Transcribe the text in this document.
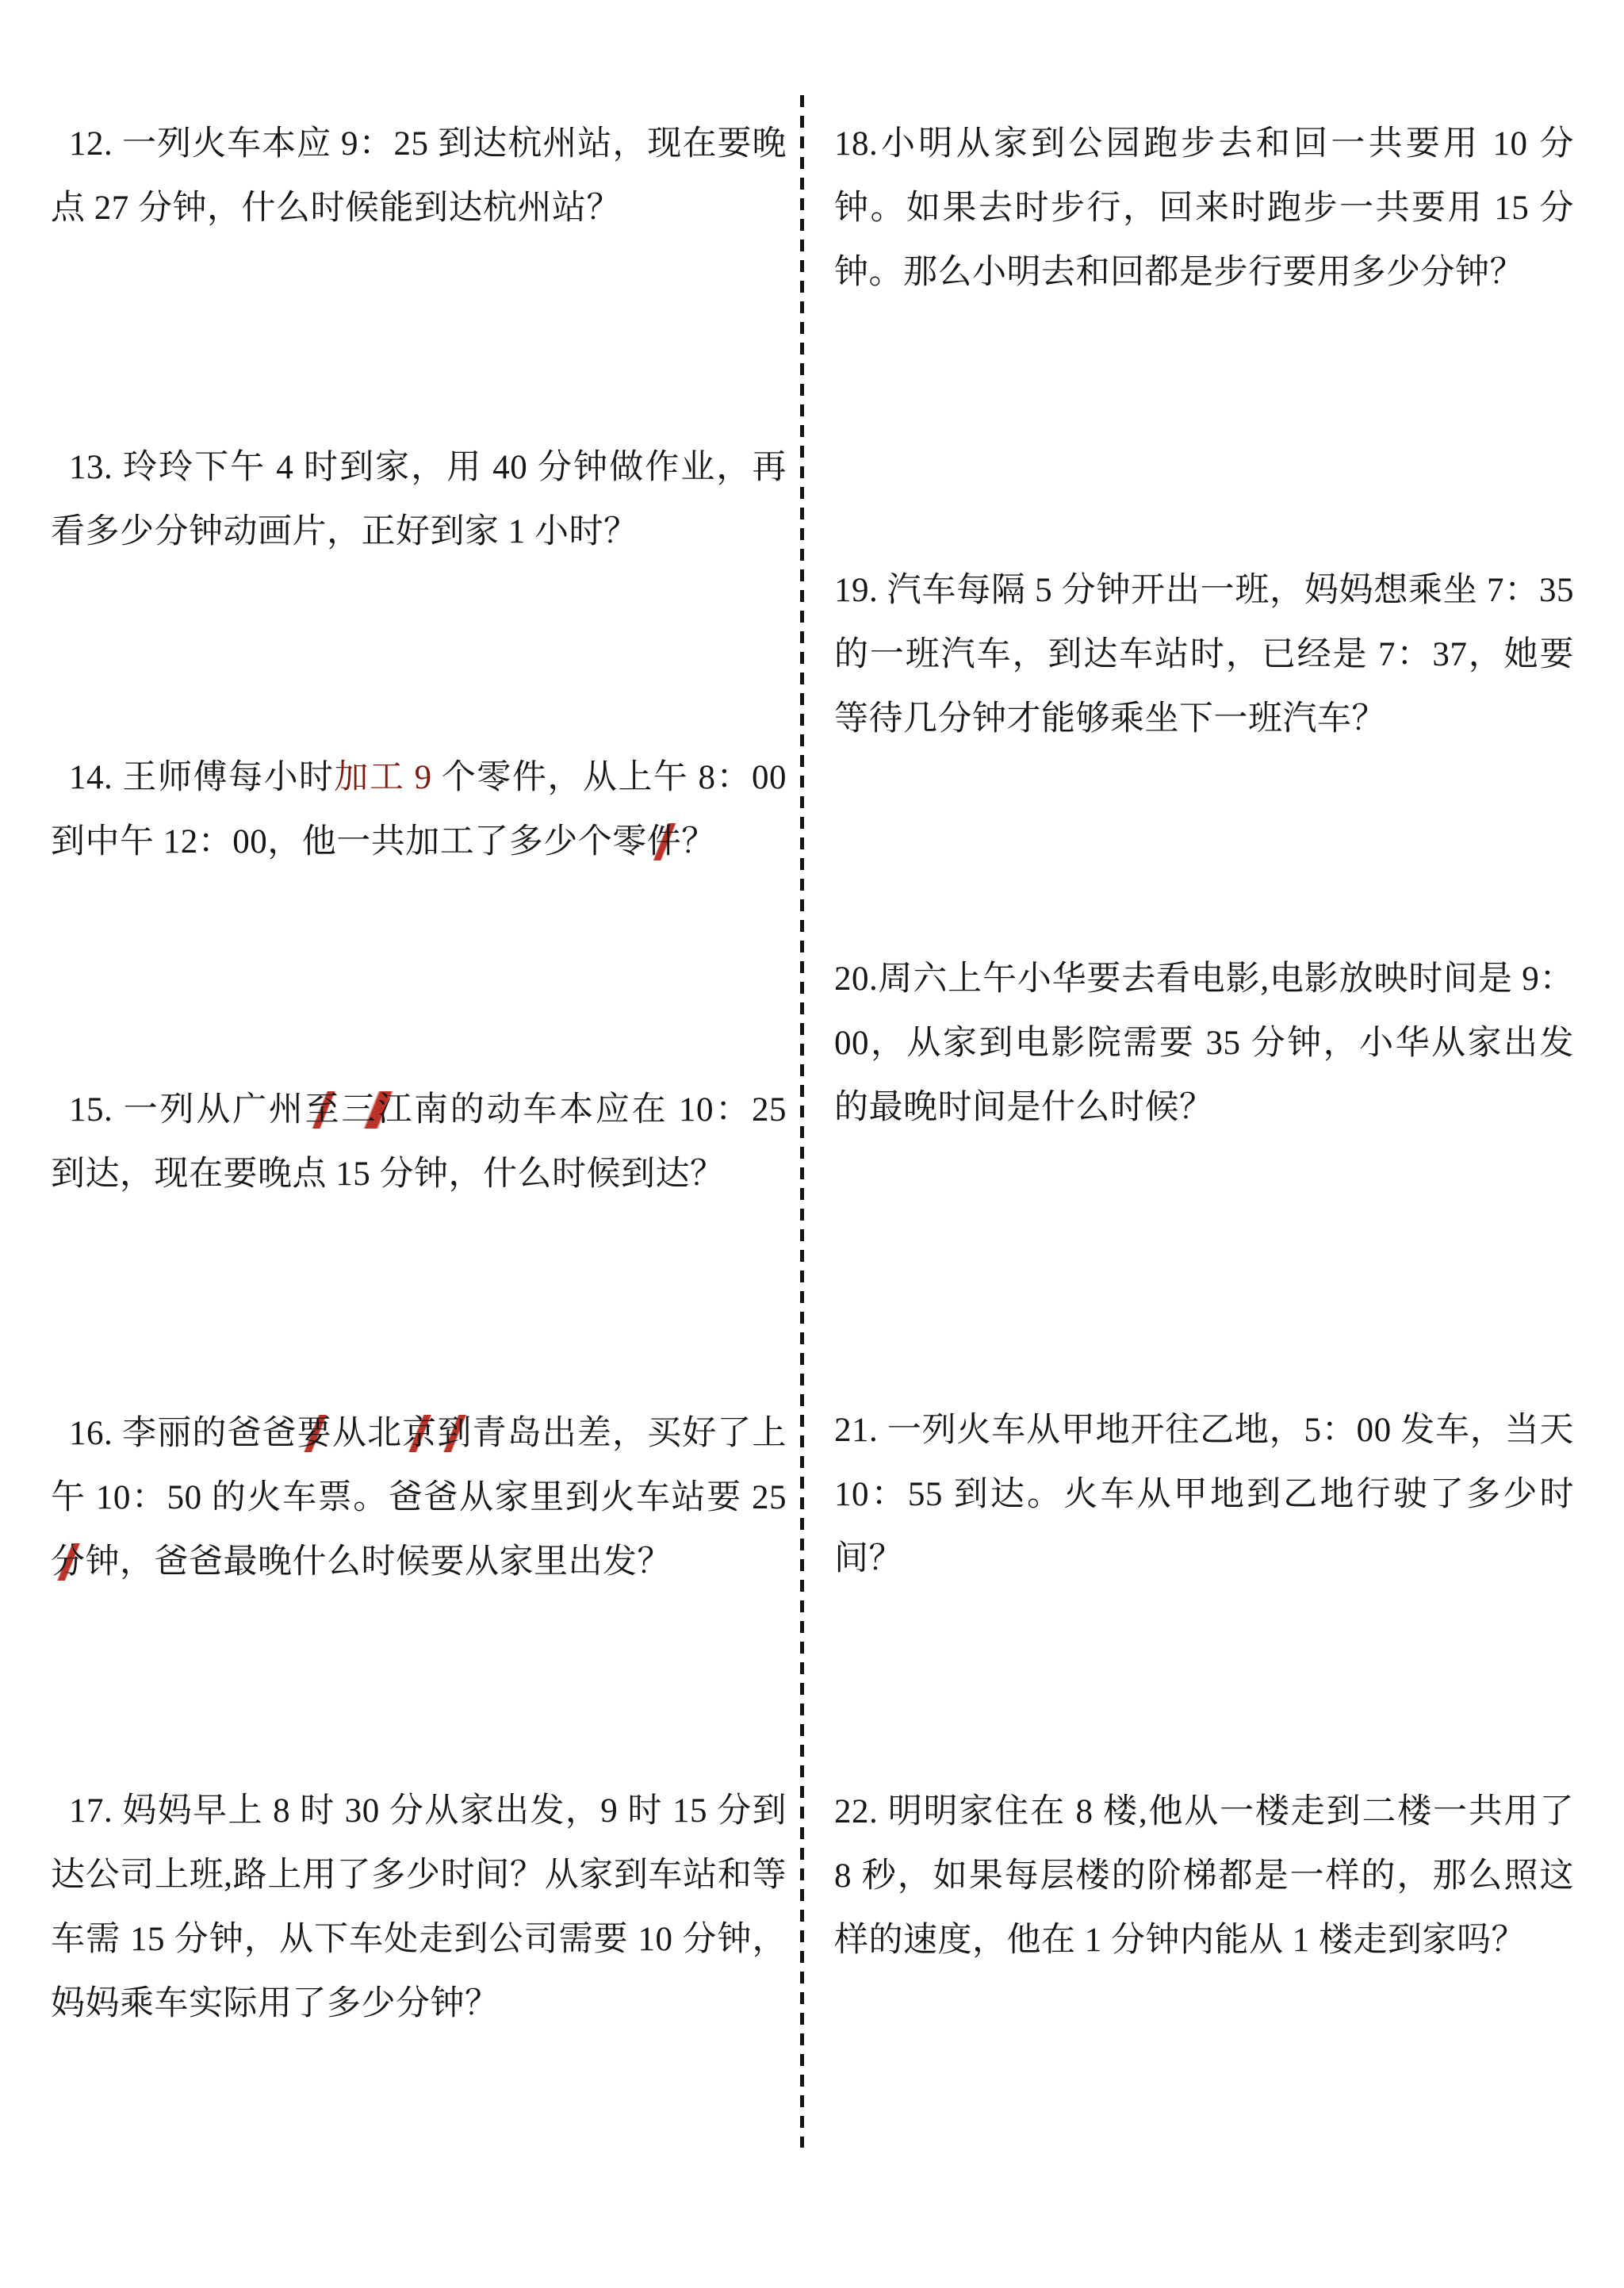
12. 一列火车本应 9：25 到达杭州站，现在要晚点 27 分钟，什么时候能到达杭州站？

13. 玲玲下午 4 时到家，用 40 分钟做作业，再看多少分钟动画片，正好到家 1 小时？

14. 王师傅每小时加工 9 个零件，从上午 8：00 到中午 12：00，他一共加工了多少个零件？

15. 一列从广州至三江南的动车本应在 10：25 到达，现在要晚点 15 分钟，什么时候到达？

16. 李丽的爸爸要从北京到青岛出差，买好了上午 10：50 的火车票。爸爸从家里到火车站要 25 分钟，爸爸最晚什么时候要从家里出发？

17. 妈妈早上 8 时 30 分从家出发，9 时 15 分到达公司上班,路上用了多少时间？从家到车站和等车需 15 分钟，从下车处走到公司需要 10 分钟，妈妈乘车实际用了多少分钟？

18.小明从家到公园跑步去和回一共要用 10 分钟。如果去时步行，回来时跑步一共要用 15 分钟。那么小明去和回都是步行要用多少分钟？

19. 汽车每隔 5 分钟开出一班，妈妈想乘坐 7：35 的一班汽车，到达车站时，已经是 7：37，她要等待几分钟才能够乘坐下一班汽车？

20.周六上午小华要去看电影,电影放映时间是 9：00，从家到电影院需要 35 分钟，小华从家出发的最晚时间是什么时候？

21. 一列火车从甲地开往乙地，5：00 发车，当天 10：55 到达。火车从甲地到乙地行驶了多少时间？

22. 明明家住在 8 楼,他从一楼走到二楼一共用了 8 秒，如果每层楼的阶梯都是一样的，那么照这样的速度，他在 1 分钟内能从 1 楼走到家吗？
